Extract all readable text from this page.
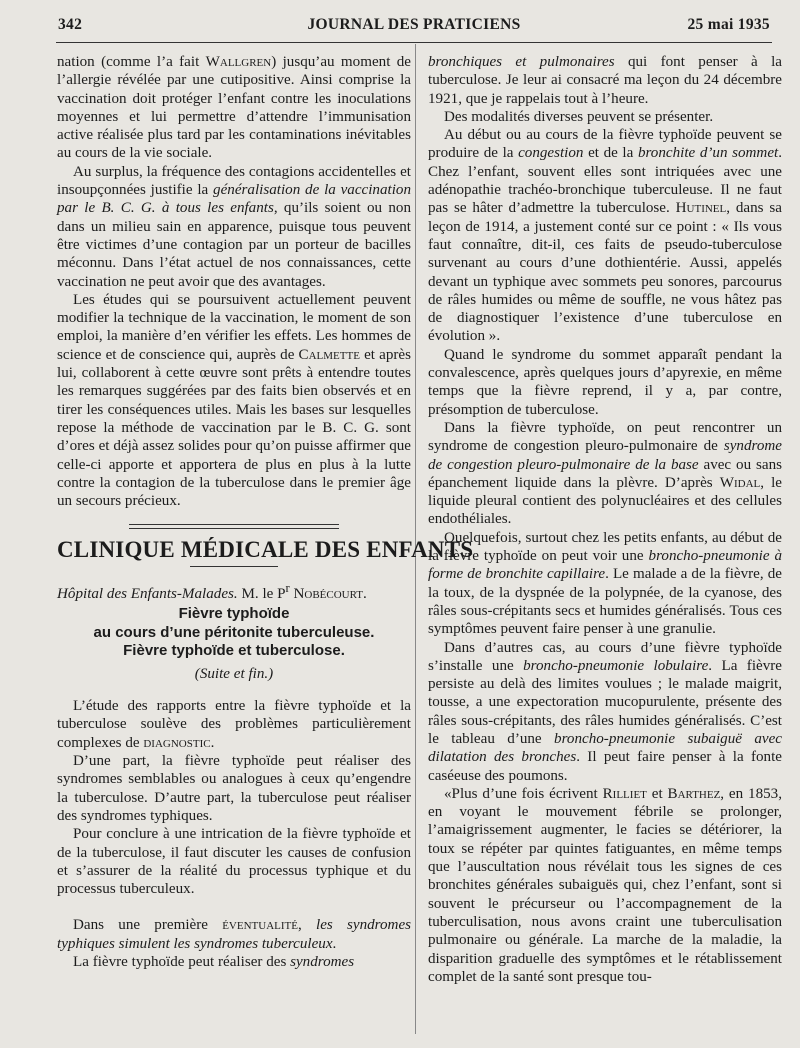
342	JOURNAL DES PRATICIENS	25 mai 1935

nation (comme l’a fait Wallgren) jusqu’au moment de l’allergie révélée par une cutipositive. Ainsi comprise la vaccination doit protéger l’enfant contre les inoculations moyennes et lui permettre d’attendre l’immunisation active réalisée plus tard par les contaminations inévitables au cours de la vie sociale.

Au surplus, la fréquence des contagions accidentelles et insoupçonnées justifie la généralisation de la vaccination par le B. C. G. à tous les enfants, qu’ils soient ou non dans un milieu sain en apparence, puisque tous peuvent être victimes d’une contagion par un porteur de bacilles méconnu. Dans l’état actuel de nos connaissances, cette vaccination ne peut avoir que des avantages.

Les études qui se poursuivent actuellement peuvent modifier la technique de la vaccination, le moment de son emploi, la manière d’en vérifier les effets. Les hommes de science et de conscience qui, auprès de Calmette et après lui, collaborent à cette œuvre sont prêts à entendre toutes les remarques suggérées par des faits bien observés et en tirer les conséquences utiles. Mais les bases sur lesquelles repose la méthode de vaccination par le B. C. G. sont d’ores et déjà assez solides pour qu’on puisse affirmer que celle-ci apporte et apportera de plus en plus à la lutte contre la contagion de la tuberculose dans le premier âge un secours précieux.

CLINIQUE MÉDICALE DES ENFANTS

Hôpital des Enfants-Malades. M. le $P^r$ Nobécourt.

Fièvre typhoïde
au cours d’une péritonite tuberculeuse.
Fièvre typhoïde et tuberculose.
(Suite et fin.)

L’étude des rapports entre la fièvre typhoïde et la tuberculose soulève des problèmes particulièrement complexes de diagnostic.

D’une part, la fièvre typhoïde peut réaliser des syndromes semblables ou analogues à ceux qu’engendre la tuberculose. D’autre part, la tuberculose peut réaliser des syndromes typhiques.

Pour conclure à une intrication de la fièvre typhoïde et de la tuberculose, il faut discuter les causes de confusion et s’assurer de la réalité du processus typhique et du processus tuberculeux.

Dans une première éventualité, les syndromes typhiques simulent les syndromes tuberculeux.

La fièvre typhoïde peut réaliser des syndromes

bronchiques et pulmonaires qui font penser à la tuberculose. Je leur ai consacré ma leçon du 24 décembre 1921, que je rappelais tout à l’heure.

Des modalités diverses peuvent se présenter.

Au début ou au cours de la fièvre typhoïde peuvent se produire de la congestion et de la bronchite d’un sommet. Chez l’enfant, souvent elles sont intriquées avec une adénopathie trachéo-bronchique tuberculeuse. Il ne faut pas se hâter d’admettre la tuberculose. Hutinel, dans sa leçon de 1914, a justement conté sur ce point : « Ils vous faut connaître, dit-il, ces faits de pseudo-tuberculose survenant au cours d’une dothientérie. Aussi, appelés devant un typhique avec sommets peu sonores, parcourus de râles humides ou même de souffle, ne vous hâtez pas de diagnostiquer l’existence d’une tuberculose en évolution ».

Quand le syndrome du sommet apparaît pendant la convalescence, après quelques jours d’apyrexie, en même temps que la fièvre reprend, il y a, par contre, présomption de tuberculose.

Dans la fièvre typhoïde, on peut rencontrer un syndrome de congestion pleuro-pulmonaire de syndrome de congestion pleuro-pulmonaire de la base avec ou sans épanchement liquide dans la plèvre. D’après Widal, le liquide pleural contient des polynucléaires et des cellules endothéliales.

Quelquefois, surtout chez les petits enfants, au début de la fièvre typhoïde on peut voir une broncho-pneumonie à forme de bronchite capillaire. Le malade a de la fièvre, de la toux, de la dyspnée de la polypnée, de la cyanose, des râles sous-crépitants secs et humides généralisés. Tous ces symptômes peuvent faire penser à une granulie.

Dans d’autres cas, au cours d’une fièvre typhoïde s’installe une broncho-pneumonie lobulaire. La fièvre persiste au delà des limites voulues ; le malade maigrit, tousse, a une expectoration mucopurulente, présente des râles sous-crépitants, des râles humides généralisés. C’est le tableau d’une broncho-pneumonie subaiguë avec dilatation des bronches. Il peut faire penser à la fonte caséeuse des poumons.

«Plus d’une fois écrivent Rilliet et Barthez, en 1853, en voyant le mouvement fébrile se prolonger, l’amaigrissement augmenter, le facies se détériorer, la toux se répéter par quintes fatiguantes, en même temps que l’auscultation nous révélait tous les signes de ces bronchites générales subaiguës qui, chez l’enfant, sont si souvent le précurseur ou l’accompagnement de la tuberculisation, nous avons craint une tuberculisation pulmonaire ou générale. La marche de la maladie, la disparition graduelle des symptômes et le rétablissement complet de la santé sont presque tou-
